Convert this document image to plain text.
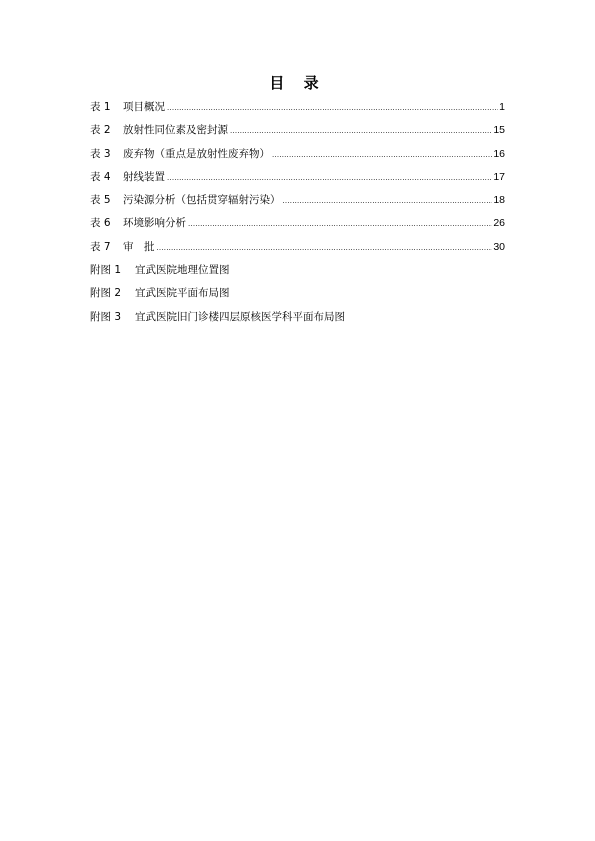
目 录
表 1	项目概况 .....	1
表 2	放射性同位素及密封源 .....	15
表 3	废弃物（重点是放射性废弃物） .....	16
表 4	射线装置 .....	17
表 5	污染源分析（包括贯穿辐射污染） .....	18
表 6	环境影响分析 .....	26
表 7	审　批 .....	30
附图 1	宜武医院地理位置图
附图 2	宜武医院平面布局图
附图 3	宜武医院旧门诊楼四层原核医学科平面布局图
